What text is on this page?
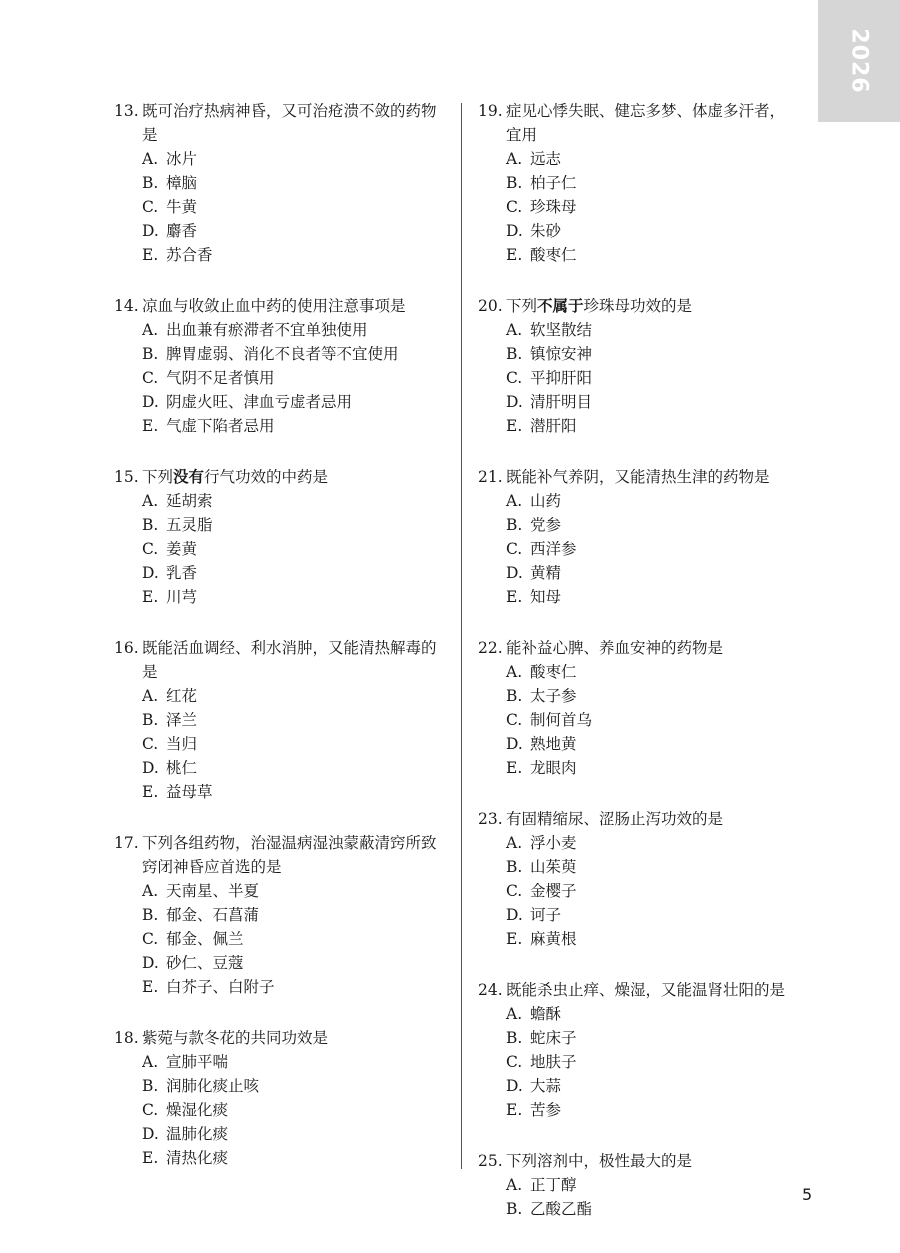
2026
13. 既可治疗热病神昏，又可治疮溃不敛的药物是
A. 冰片
B. 樟脑
C. 牛黄
D. 麝香
E. 苏合香
14. 凉血与收敛止血中药的使用注意事项是
A. 出血兼有瘀滞者不宜单独使用
B. 脾胃虚弱、消化不良者等不宜使用
C. 气阴不足者慎用
D. 阴虚火旺、津血亏虚者忌用
E. 气虚下陷者忌用
15. 下列没有行气功效的中药是
A. 延胡索
B. 五灵脂
C. 姜黄
D. 乳香
E. 川芎
16. 既能活血调经、利水消肿，又能清热解毒的是
A. 红花
B. 泽兰
C. 当归
D. 桃仁
E. 益母草
17. 下列各组药物，治湿温病湿浊蒙蔽清窍所致窍闭神昏应首选的是
A. 天南星、半夏
B. 郁金、石菖蒲
C. 郁金、佩兰
D. 砂仁、豆蔻
E. 白芥子、白附子
18. 紫菀与款冬花的共同功效是
A. 宣肺平喘
B. 润肺化痰止咳
C. 燥湿化痰
D. 温肺化痰
E. 清热化痰
19. 症见心悸失眠、健忘多梦、体虚多汗者，宜用
A. 远志
B. 柏子仁
C. 珍珠母
D. 朱砂
E. 酸枣仁
20. 下列不属于珍珠母功效的是
A. 软坚散结
B. 镇惊安神
C. 平抑肝阳
D. 清肝明目
E. 潜肝阳
21. 既能补气养阴，又能清热生津的药物是
A. 山药
B. 党参
C. 西洋参
D. 黄精
E. 知母
22. 能补益心脾、养血安神的药物是
A. 酸枣仁
B. 太子参
C. 制何首乌
D. 熟地黄
E. 龙眼肉
23. 有固精缩尿、涩肠止泻功效的是
A. 浮小麦
B. 山茱萸
C. 金樱子
D. 诃子
E. 麻黄根
24. 既能杀虫止痒、燥湿，又能温肾壮阳的是
A. 蟾酥
B. 蛇床子
C. 地肤子
D. 大蒜
E. 苦参
25. 下列溶剂中，极性最大的是
A. 正丁醇
B. 乙酸乙酯
5
